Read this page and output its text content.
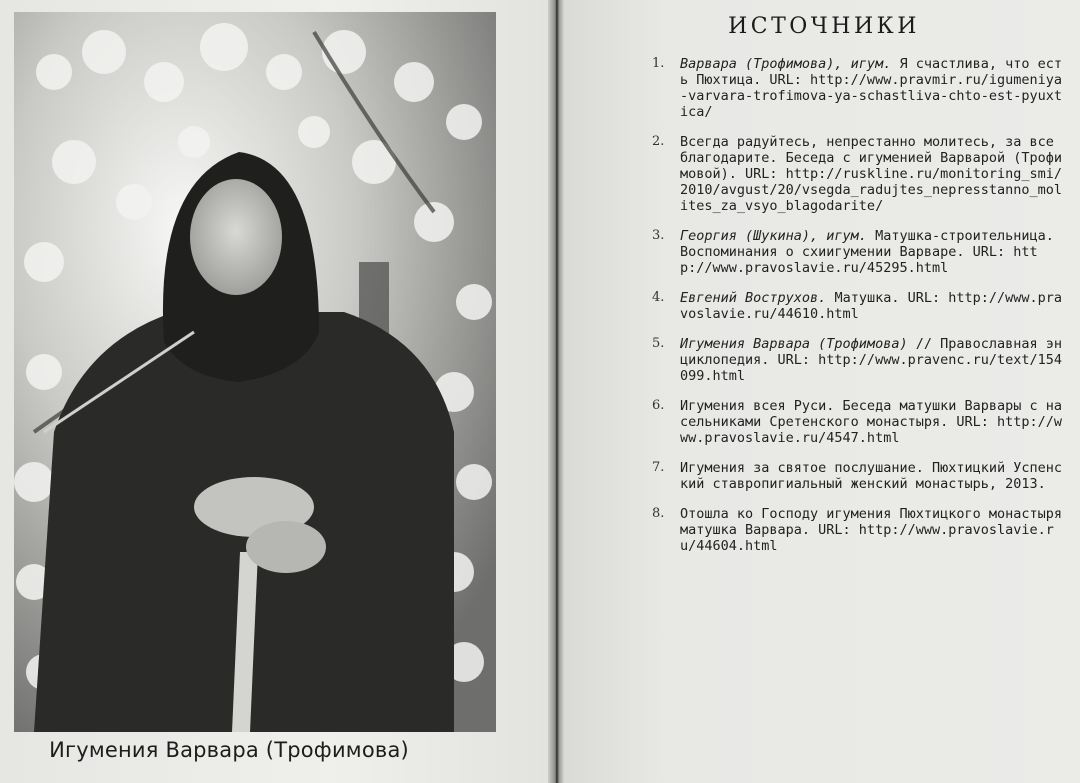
Игумения Варвара (Трофимова)
ИСТОЧНИКИ
1. Варвара (Трофимова), игум. Я счастлива, что есть Пюхтица. URL: http://www.pravmir.ru/igumeniya-varvara-trofimova-ya-schastliva-chto-est-pyuxtica/
2. Всегда радуйтесь, непрестанно молитесь, за все благодарите. Беседа с игуменией Варварой (Трофимовой). URL: http://ruskline.ru/monitoring_smi/2010/avgust/20/vsegda_radujtes_nepresstanno_molites_za_vsyo_blagodarite/
3. Георгия (Шукина), игум. Матушка-строительница. Воспоминания о схиигумении Варваре. URL: http://www.pravoslavie.ru/45295.html
4. Евгений Вострухов. Матушка. URL: http://www.pravoslavie.ru/44610.html
5. Игумения Варвара (Трофимова) // Православная энциклопедия. URL: http://www.pravenc.ru/text/154099.html
6. Игумения всея Руси. Беседа матушки Варвары с насельниками Сретенского монастыря. URL: http://www.pravoslavie.ru/4547.html
7. Игумения за святое послушание. Пюхтицкий Успенский ставропигиальный женский монастырь, 2013.
8. Отошла ко Господу игумения Пюхтицкого монастыря матушка Варвара. URL: http://www.pravoslavie.ru/44604.html
